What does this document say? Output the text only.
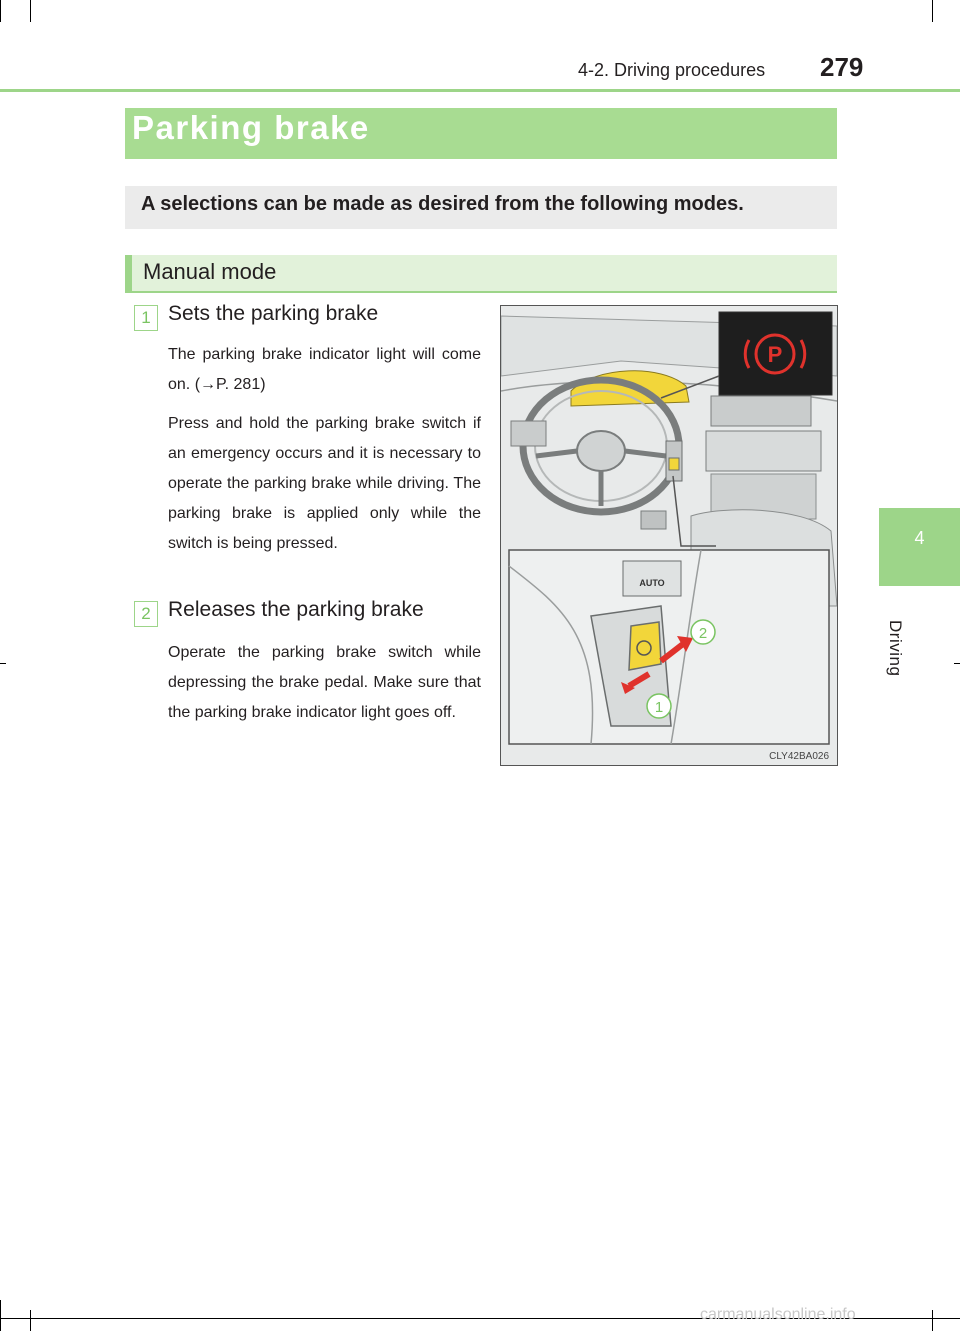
4-2. Driving procedures 279
4
Driving
Parking brake
A selections can be made as desired from the following modes.
Manual mode
1 Sets the parking brake
The parking brake indicator light will come on. (→P. 281)
Press and hold the parking brake switch if an emergency occurs and it is necessary to operate the parking brake while driving. The parking brake is applied only while the switch is being pressed.
2 Releases the parking brake
Operate the parking brake switch while depressing the brake pedal. Make sure that the parking brake indicator light goes off.
P
AUTO
2
1
CLY42BA026
carmanualsonline.info
